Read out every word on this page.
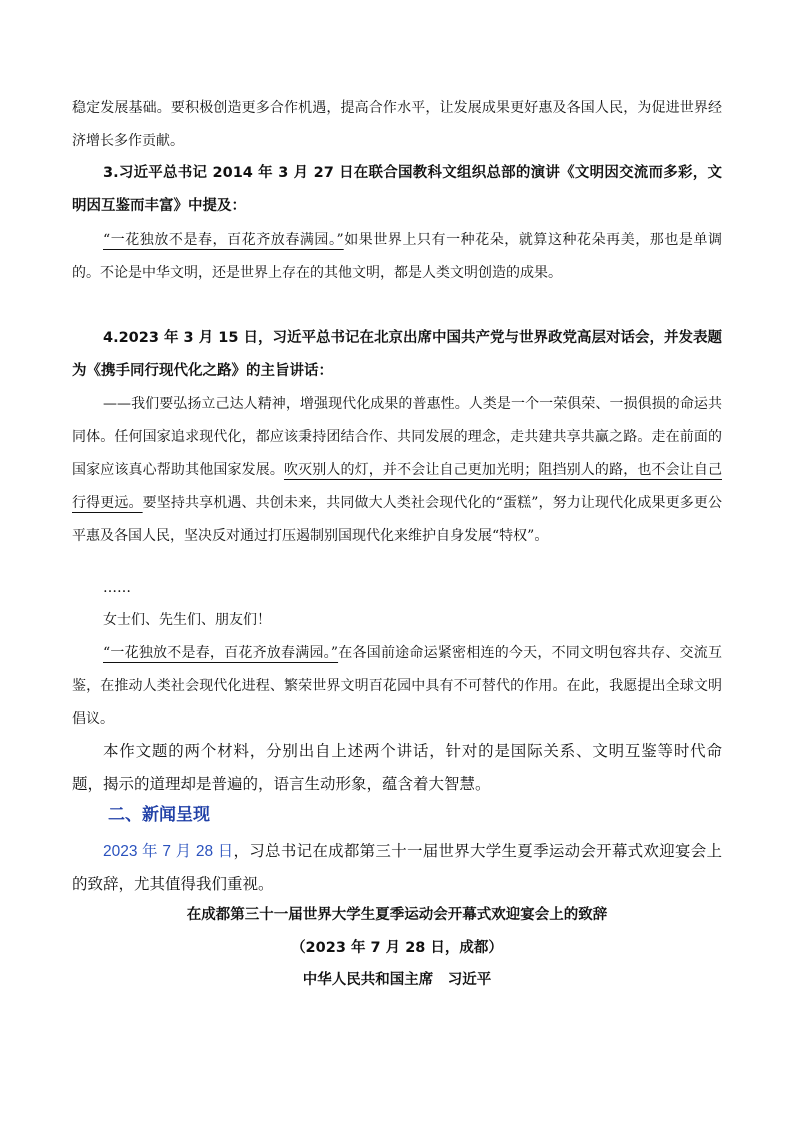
稳定发展基础。要积极创造更多合作机遇，提高合作水平，让发展成果更好惠及各国人民，为促进世界经济增长多作贡献。
3.习近平总书记 2014 年 3 月 27 日在联合国教科文组织总部的演讲《文明因交流而多彩，文明因互鉴而丰富》中提及：
“一花独放不是春，百花齐放春满园。”如果世界上只有一种花朵，就算这种花朵再美，那也是单调的。不论是中华文明，还是世界上存在的其他文明，都是人类文明创造的成果。
4.2023 年 3 月 15 日，习近平总书记在北京出席中国共产党与世界政党高层对话会，并发表题为《携手同行现代化之路》的主旨讲话：
——我们要弘扬立己达人精神，增强现代化成果的普惠性。人类是一个一荣俱荣、一损俱损的命运共同体。任何国家追求现代化，都应该秉持团结合作、共同发展的理念，走共建共享共赢之路。走在前面的国家应该真心帮助其他国家发展。吹灭别人的灯，并不会让自己更加光明；阻挡别人的路，也不会让自己行得更远。要坚持共享机遇、共创未来，共同做大人类社会现代化的“蛋糕”，努力让现代化成果更多更公平惠及各国人民，坚决反对通过打压遏制别国现代化来维护自身发展“特权”。
……
女士们、先生们、朋友们！
“一花独放不是春，百花齐放春满园。”在各国前途命运紧密相连的今天，不同文明包容共存、交流互鉴，在推动人类社会现代化进程、繁荣世界文明百花园中具有不可替代的作用。在此，我愿提出全球文明倡议。
本作文题的两个材料，分别出自上述两个讲话，针对的是国际关系、文明互鉴等时代命题，揭示的道理却是普遍的，语言生动形象，蕴含着大智慧。
二、新闻呈现
2023 年 7 月 28 日，习总书记在成都第三十一届世界大学生夏季运动会开幕式欢迎宴会上的致辞，尤其值得我们重视。
在成都第三十一届世界大学生夏季运动会开幕式欢迎宴会上的致辞
（2023 年 7 月 28 日，成都）
中华人民共和国主席　习近平
